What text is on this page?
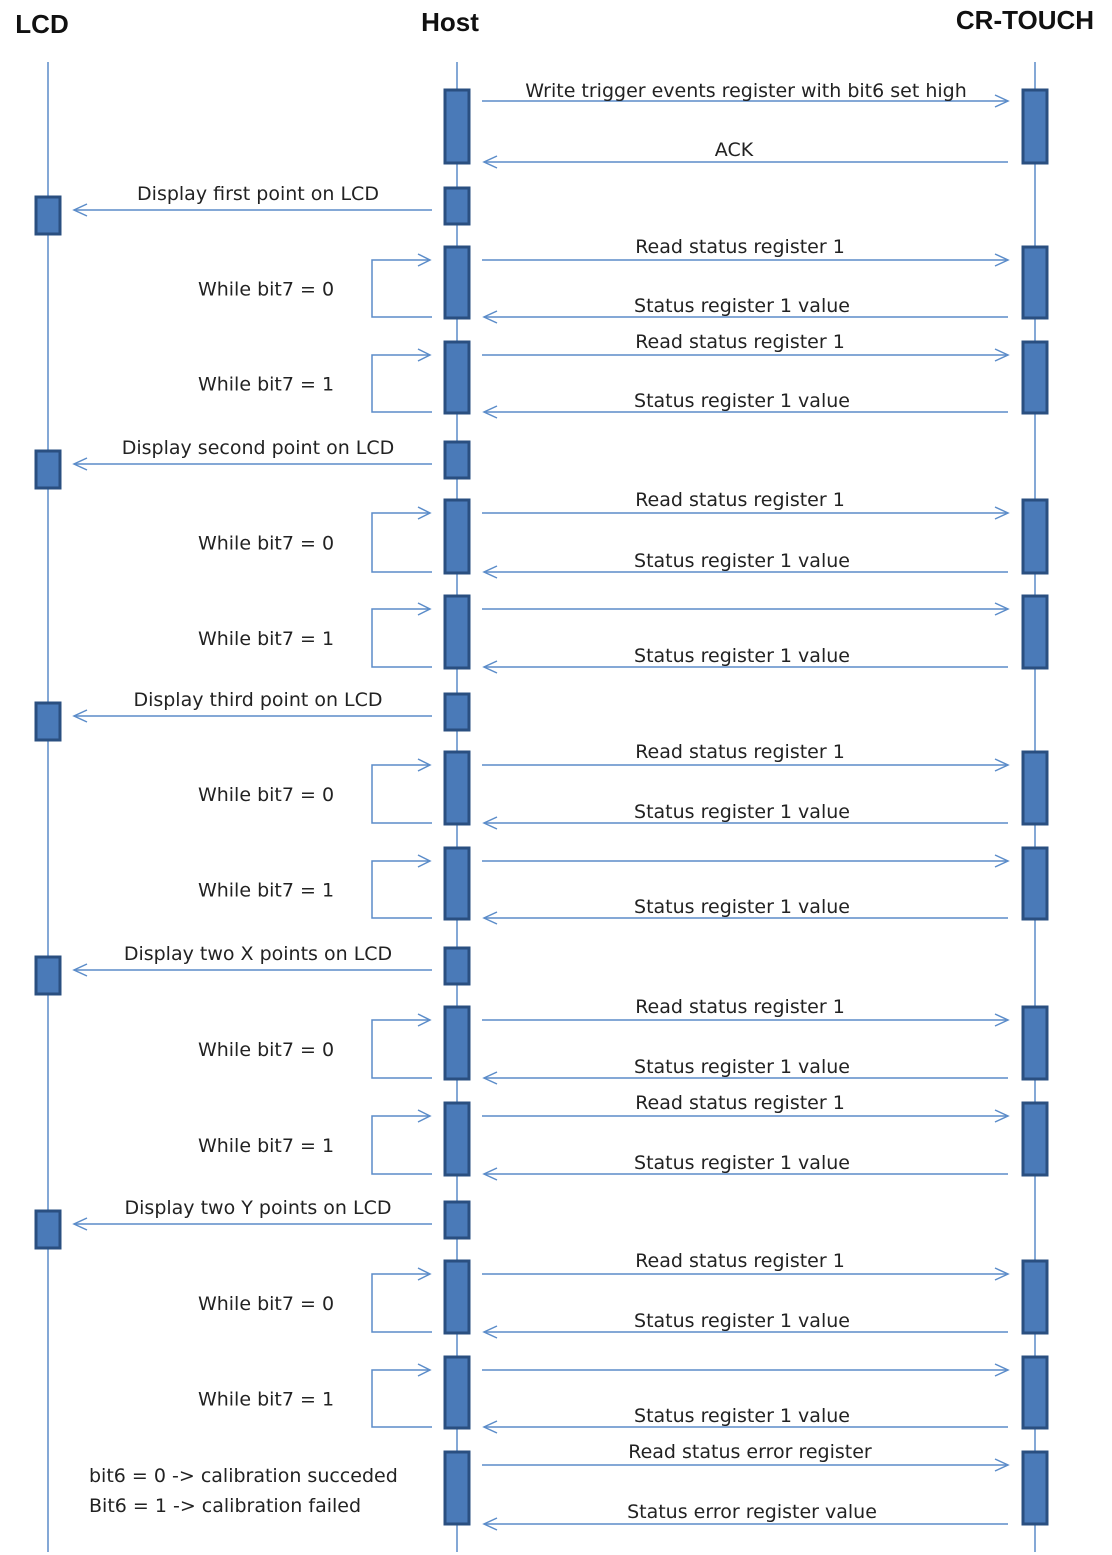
LCD	Host	CR-TOUCH
While bit7 = 0
While bit7 = 1
While bit7 = 0
While bit7 = 1
While bit7 = 0
While bit7 = 1
While bit7 = 0
While bit7 = 1
While bit7 = 0
While bit7 = 1
Write trigger events register with bit6 set high
ACK
Display first point on LCD
Read status register 1
Status register 1 value
Read status register 1
Status register 1 value
Display second point on LCD
Read status register 1
Status register 1 value
Status register 1 value
Display third point on LCD
Read status register 1
Status register 1 value
Status register 1 value
Display two X points on LCD
Read status register 1
Status register 1 value
Read status register 1
Status register 1 value
Display two Y points on LCD
Read status register 1
Status register 1 value
Status register 1 value
Read status error register
Status error register value
bit6 = 0 -> calibration succeded
Bit6 = 1 -> calibration failed
